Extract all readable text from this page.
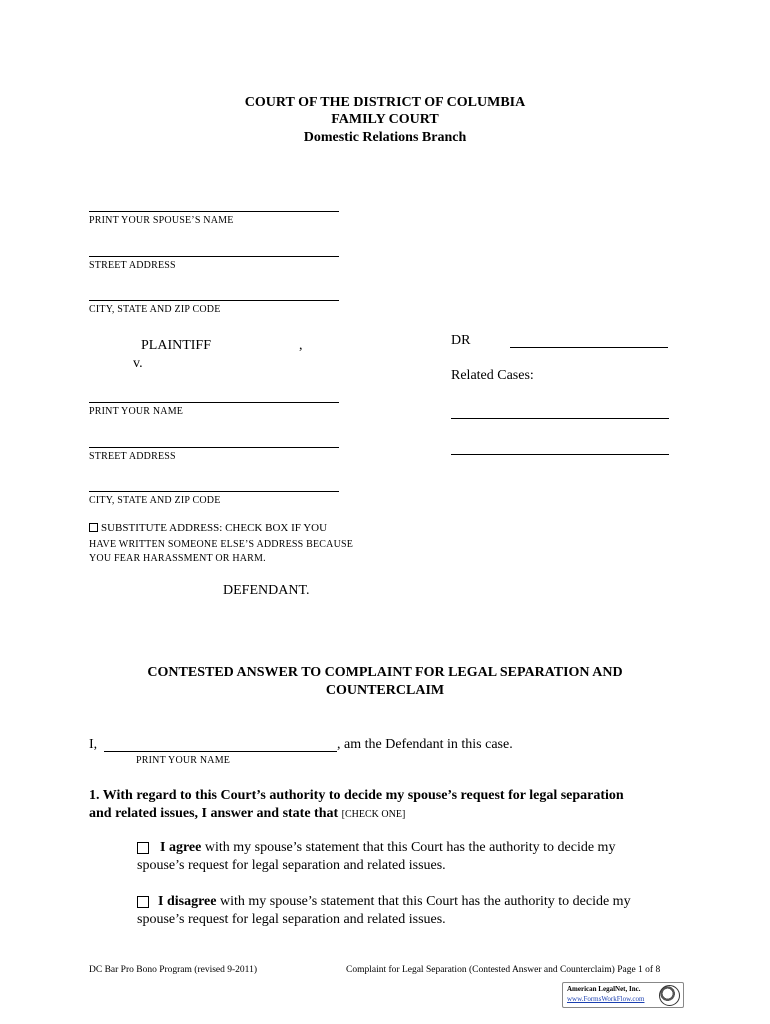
COURT OF THE DISTRICT OF COLUMBIA
FAMILY COURT
Domestic Relations Branch
PRINT YOUR SPOUSE’S NAME
STREET ADDRESS
CITY, STATE AND ZIP CODE
PLAINTIFF	,
v.
DR
Related Cases:
PRINT YOUR NAME
STREET ADDRESS
CITY, STATE AND ZIP CODE
SUBSTITUTE ADDRESS: CHECK BOX IF YOU
HAVE WRITTEN SOMEONE ELSE’S ADDRESS BECAUSE
YOU FEAR HARASSMENT OR HARM.
DEFENDANT.
CONTESTED ANSWER TO COMPLAINT FOR LEGAL SEPARATION AND
COUNTERCLAIM
I,	, am the Defendant in this case.
PRINT YOUR NAME
1. With regard to this Court’s authority to decide my spouse’s request for legal separation
and related issues, I answer and state that [CHECK ONE]
I agree with my spouse’s statement that this Court has the authority to decide my
spouse’s request for legal separation and related issues.
I disagree with my spouse’s statement that this Court has the authority to decide my
spouse’s request for legal separation and related issues.
DC Bar Pro Bono Program (revised 9-2011)	Complaint for Legal Separation (Contested Answer and Counterclaim) Page 1 of 8
American LegalNet, Inc.
www.FormsWorkFlow.com
